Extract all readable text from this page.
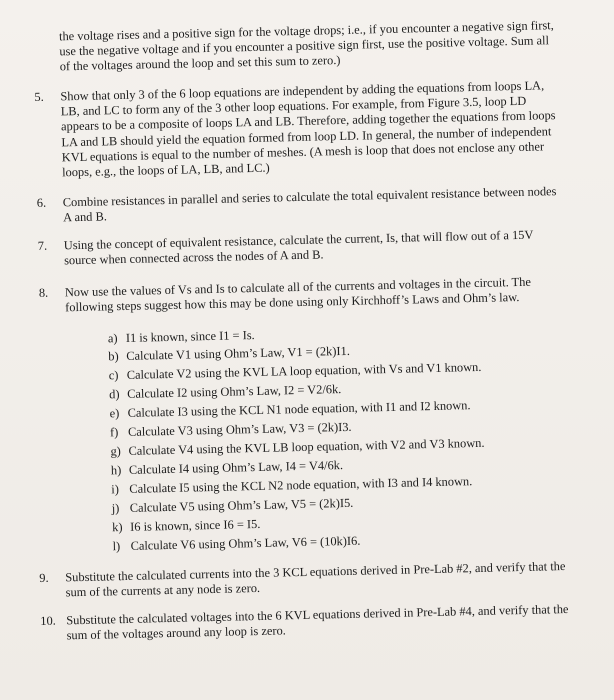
the voltage rises and a positive sign for the voltage drops; i.e., if you encounter a negative sign first, use the negative voltage and if you encounter a positive sign first, use the positive voltage. Sum all of the voltages around the loop and set this sum to zero.)
5. Show that only 3 of the 6 loop equations are independent by adding the equations from loops LA, LB, and LC to form any of the 3 other loop equations. For example, from Figure 3.5, loop LD appears to be a composite of loops LA and LB. Therefore, adding together the equations from loops LA and LB should yield the equation formed from loop LD. In general, the number of independent KVL equations is equal to the number of meshes. (A mesh is loop that does not enclose any other loops, e.g., the loops of LA, LB, and LC.)
6. Combine resistances in parallel and series to calculate the total equivalent resistance between nodes A and B.
7. Using the concept of equivalent resistance, calculate the current, Is, that will flow out of a 15V source when connected across the nodes of A and B.
8. Now use the values of Vs and Is to calculate all of the currents and voltages in the circuit. The following steps suggest how this may be done using only Kirchhoff’s Laws and Ohm’s law.
a) I1 is known, since I1 = Is.
b) Calculate V1 using Ohm’s Law, V1 = (2k)I1.
c) Calculate V2 using the KVL LA loop equation, with Vs and V1 known.
d) Calculate I2 using Ohm’s Law, I2 = V2/6k.
e) Calculate I3 using the KCL N1 node equation, with I1 and I2 known.
f) Calculate V3 using Ohm’s Law, V3 = (2k)I3.
g) Calculate V4 using the KVL LB loop equation, with V2 and V3 known.
h) Calculate I4 using Ohm’s Law, I4 = V4/6k.
i) Calculate I5 using the KCL N2 node equation, with I3 and I4 known.
j) Calculate V5 using Ohm’s Law, V5 = (2k)I5.
k) I6 is known, since I6 = I5.
l) Calculate V6 using Ohm’s Law, V6 = (10k)I6.
9. Substitute the calculated currents into the 3 KCL equations derived in Pre-Lab #2, and verify that the sum of the currents at any node is zero.
10. Substitute the calculated voltages into the 6 KVL equations derived in Pre-Lab #4, and verify that the sum of the voltages around any loop is zero.
